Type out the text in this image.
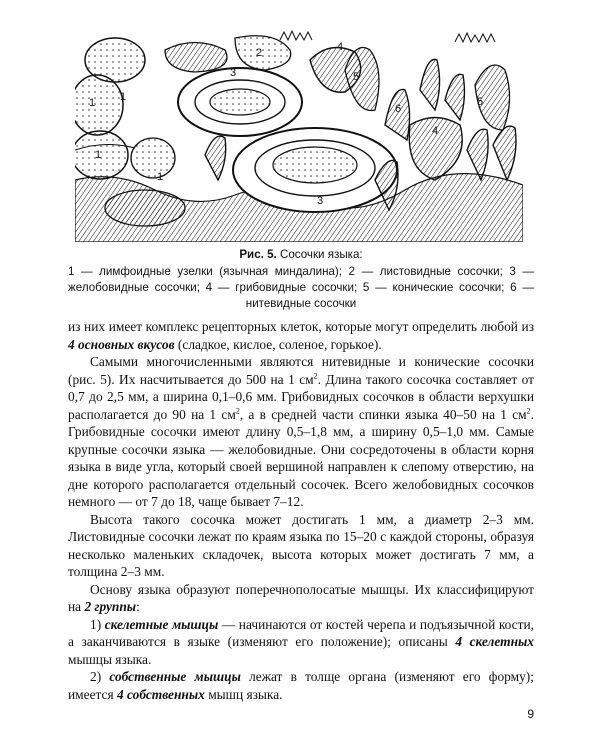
1 1
1
1
2
3
3
4
4
5
5
6
Рис. 5. Сосочки языка:
1 — лимфоидные узелки (язычная миндалина); 2 — листовидные сосочки; 3 — желобовидные сосочки; 4 — грибовидные сосочки; 5 — конические сосочки; 6 — нитевидные сосочки

из них имеет комплекс рецепторных клеток, которые могут определить любой из 4 основных вкусов (сладкое, кислое, соленое, горькое).

Самыми многочисленными являются нитевидные и конические сосочки (рис. 5). Их насчитывается до 500 на 1 $см^2$. Длина такого сосочка составляет от 0,7 до 2,5 мм, а ширина 0,1–0,6 мм. Грибовидных сосочков в области верхушки располагается до 90 на 1 $см^2$, а в средней части спинки языка 40–50 на 1 $см^2$. Грибовидные сосочки имеют длину 0,5–1,8 мм, а ширину 0,5–1,0 мм. Самые крупные сосочки языка — желобовидные. Они сосредоточены в области корня языка в виде угла, который своей вершиной направлен к слепому отверстию, на дне которого располагается отдельный сосочек. Всего желобовидных сосочков немного — от 7 до 18, чаще бывает 7–12.

Высота такого сосочка может достигать 1 мм, а диаметр 2–3 мм. Листовидные сосочки лежат по краям языка по 15–20 с каждой стороны, образуя несколько маленьких складочек, высота которых может достигать 7 мм, а толщина 2–3 мм.

Основу языка образуют поперечнополосатые мышцы. Их классифицируют на 2 группы:

1) скелетные мышцы — начинаются от костей черепа и подъязычной кости, а заканчиваются в языке (изменяют его положение); описаны 4 скелетных мышцы языка.

2) собственные мышцы лежат в толще органа (изменяют его форму); имеется 4 собственных мышц языка.

9
